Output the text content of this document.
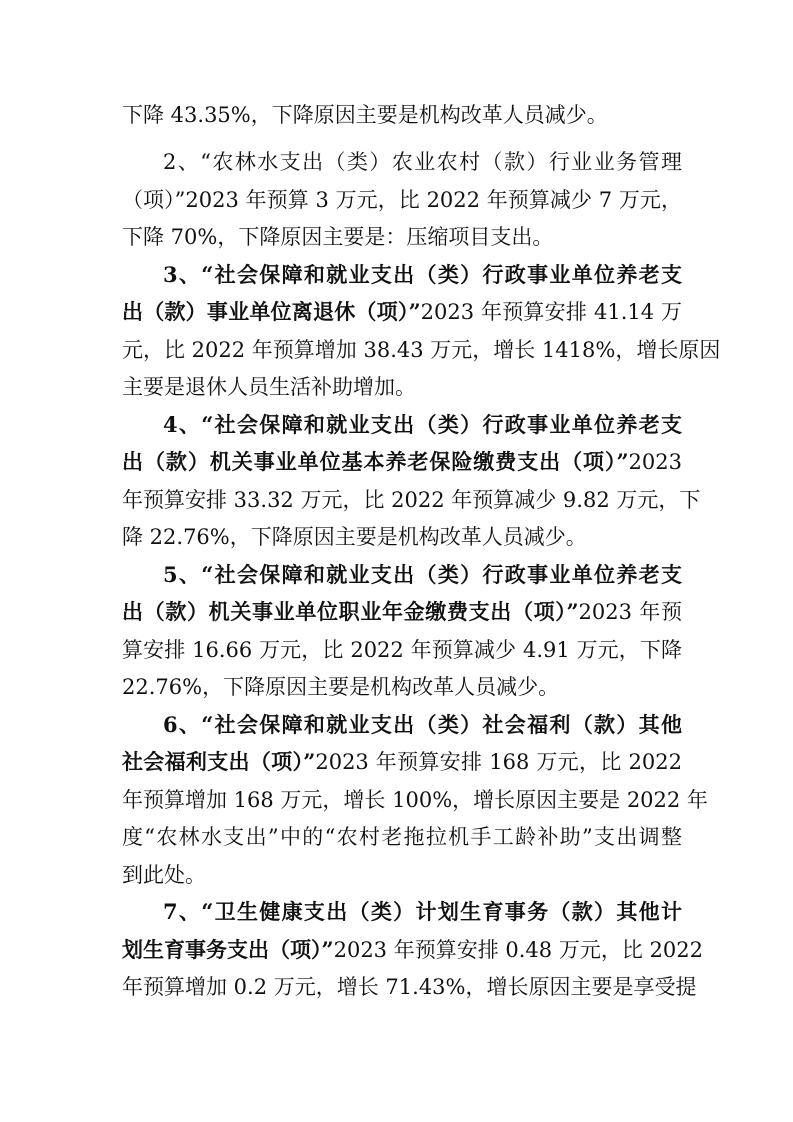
下降 43.35%，下降原因主要是机构改革人员减少。
2、“农林水支出（类）农业农村（款）行业业务管理
（项）”2023 年预算 3 万元，比 2022 年预算减少 7 万元，
下降 70%，下降原因主要是：压缩项目支出。
3、“社会保障和就业支出（类）行政事业单位养老支
出（款）事业单位离退休（项）”2023 年预算安排 41.14 万
元，比 2022 年预算增加 38.43 万元，增长 1418%，增长原因
主要是退休人员生活补助增加。
4、“社会保障和就业支出（类）行政事业单位养老支
出（款）机关事业单位基本养老保险缴费支出（项）”2023
年预算安排 33.32 万元，比 2022 年预算减少 9.82 万元，下
降 22.76%，下降原因主要是机构改革人员减少。
5、“社会保障和就业支出（类）行政事业单位养老支
出（款）机关事业单位职业年金缴费支出（项）”2023 年预
算安排 16.66 万元，比 2022 年预算减少 4.91 万元，下降
22.76%，下降原因主要是机构改革人员减少。
6、“社会保障和就业支出（类）社会福利（款）其他
社会福利支出（项）”2023 年预算安排 168 万元，比 2022
年预算增加 168 万元，增长 100%，增长原因主要是 2022 年
度“农林水支出”中的“农村老拖拉机手工龄补助”支出调整
到此处。
7、“卫生健康支出（类）计划生育事务（款）其他计
划生育事务支出（项）”2023 年预算安排 0.48 万元，比 2022
年预算增加 0.2 万元，增长 71.43%，增长原因主要是享受提
